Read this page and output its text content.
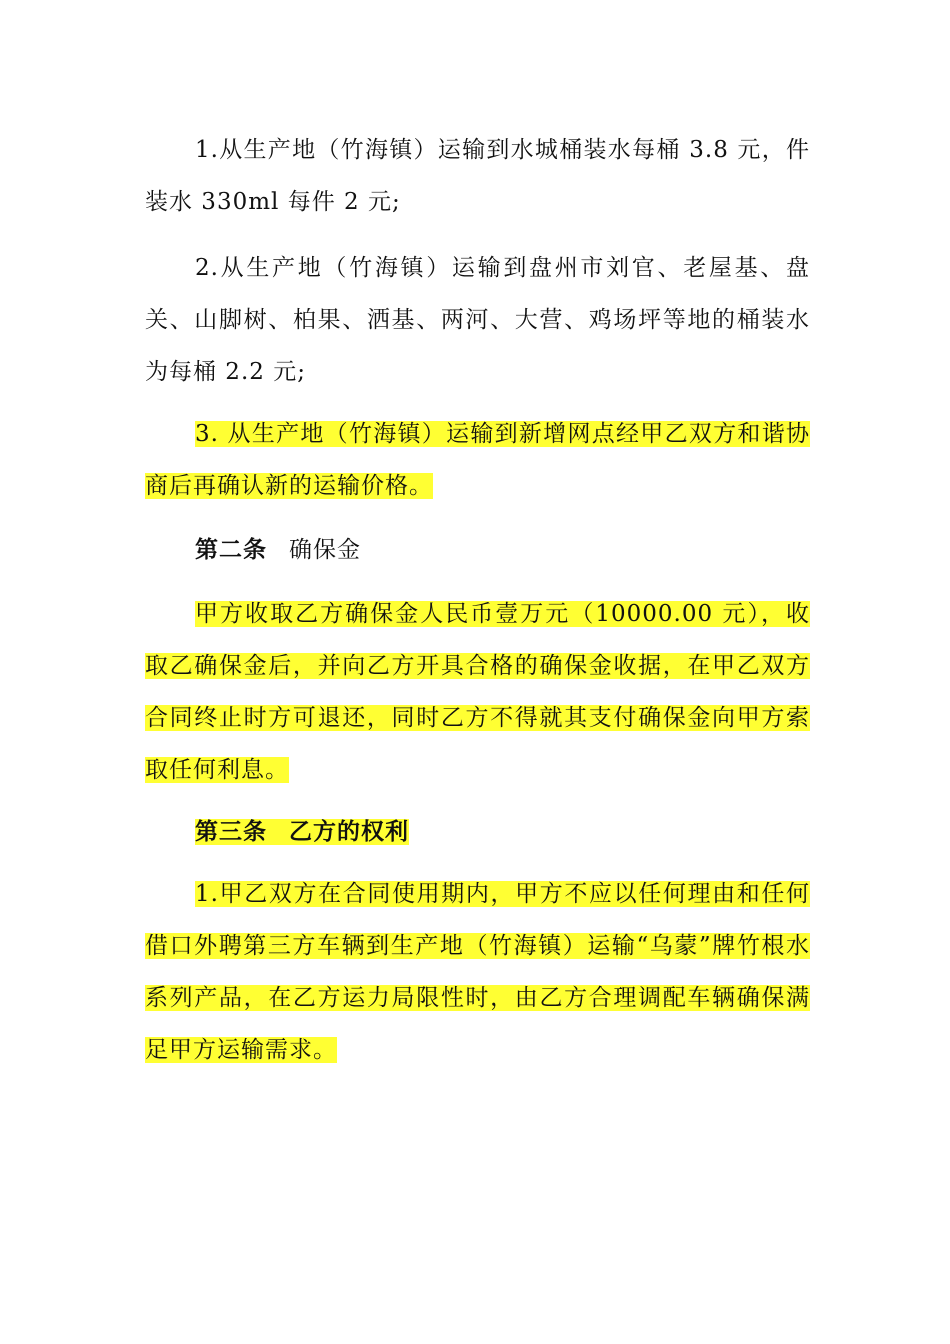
1.从生产地（竹海镇）运输到水城桶装水每桶 3.8 元，件装水 330ml 每件 2 元;

2.从生产地（竹海镇）运输到盘州市刘官、老屋基、盘关、山脚树、柏果、洒基、两河、大营、鸡场坪等地的桶装水为每桶 2.2 元;

3. 从生产地（竹海镇）运输到新增网点经甲乙双方和谐协商后再确认新的运输价格。

第二条 确保金

甲方收取乙方确保金人民币壹万元（10000.00 元），收取乙确保金后，并向乙方开具合格的确保金收据，在甲乙双方合同终止时方可退还，同时乙方不得就其支付确保金向甲方索取任何利息。

第三条 乙方的权利

1.甲乙双方在合同使用期内，甲方不应以任何理由和任何借口外聘第三方车辆到生产地（竹海镇）运输“乌蒙”牌竹根水系列产品，在乙方运力局限性时，由乙方合理调配车辆确保满足甲方运输需求。
